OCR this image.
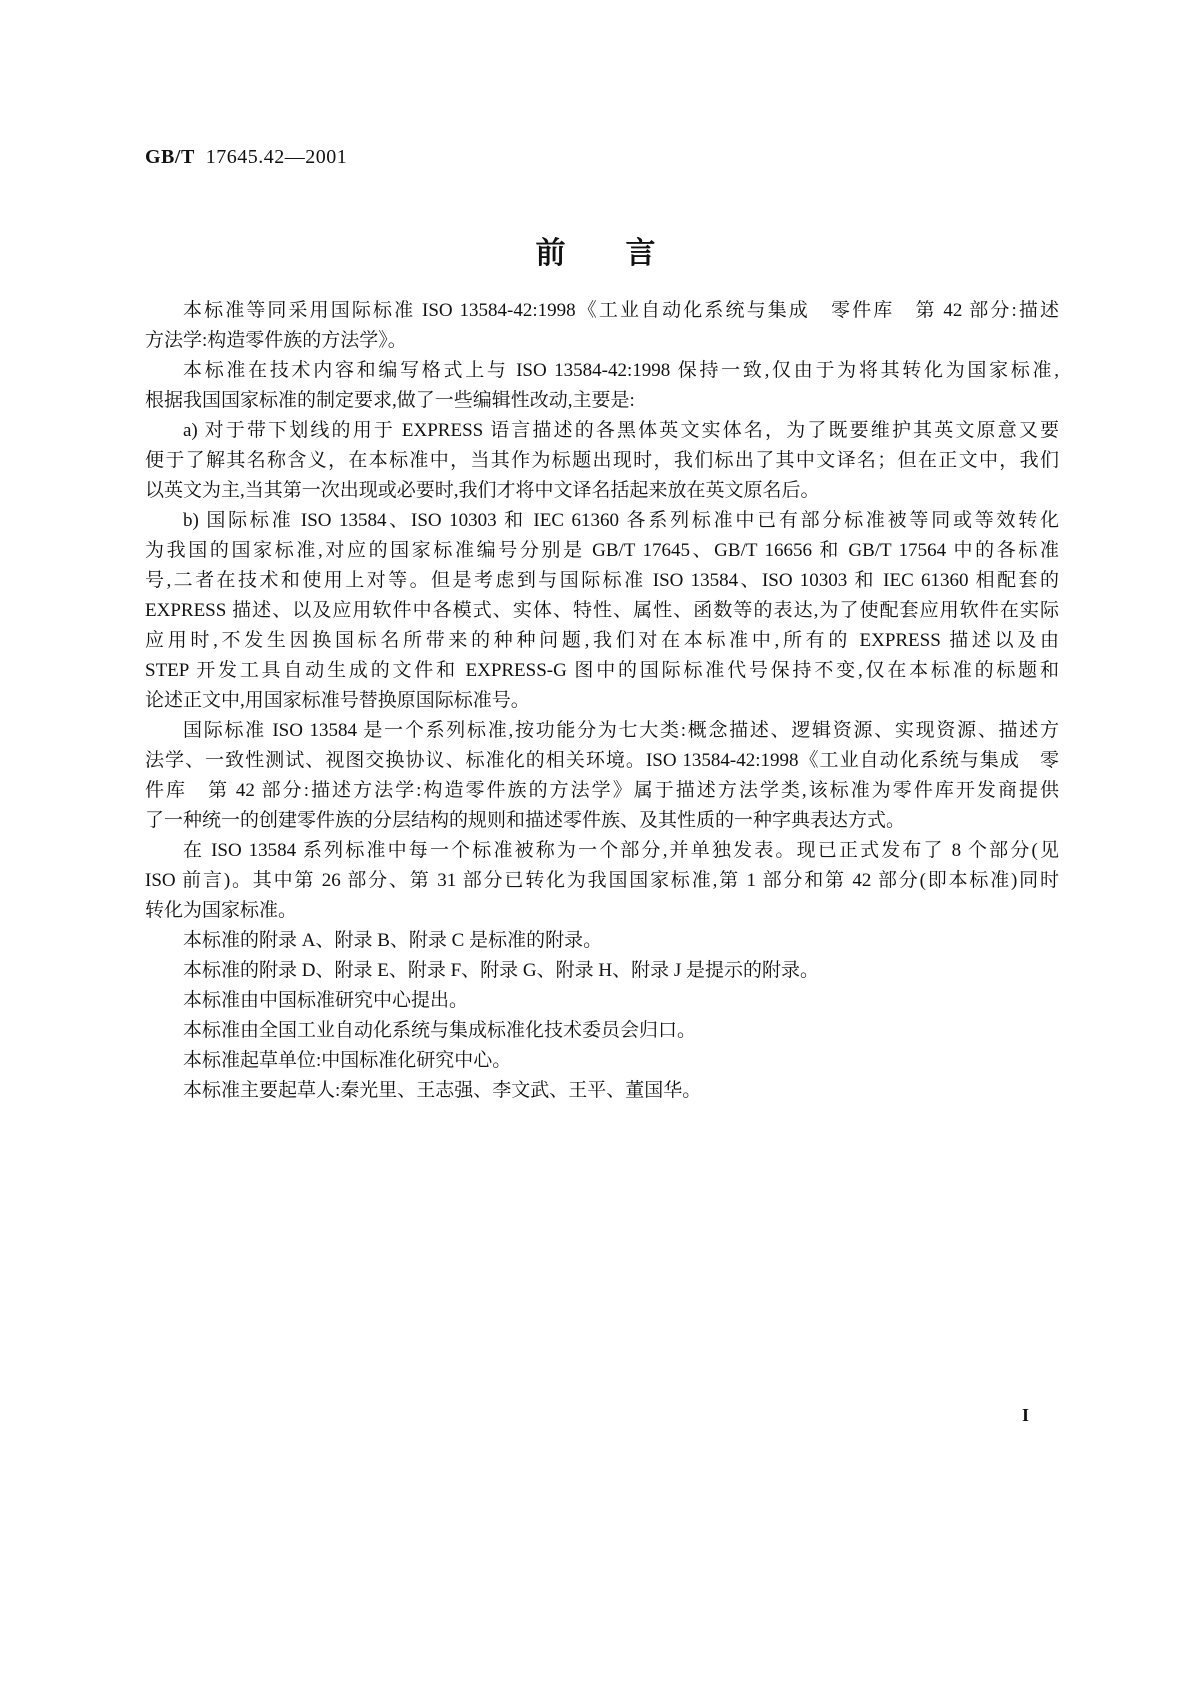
GB/T 17645.42—2001
前言
本标准等同采用国际标准 ISO 13584-42:1998《工业自动化系统与集成　零件库　第 42 部分:描述
方法学:构造零件族的方法学》。
本标准在技术内容和编写格式上与 ISO 13584-42:1998 保持一致,仅由于为将其转化为国家标准,
根据我国国家标准的制定要求,做了一些编辑性改动,主要是:
a) 对于带下划线的用于 EXPRESS 语言描述的各黑体英文实体名，为了既要维护其英文原意又要
便于了解其名称含义，在本标准中，当其作为标题出现时，我们标出了其中文译名；但在正文中，我们
以英文为主,当其第一次出现或必要时,我们才将中文译名括起来放在英文原名后。
b) 国际标准 ISO 13584、ISO 10303 和 IEC 61360 各系列标准中已有部分标准被等同或等效转化
为我国的国家标准,对应的国家标准编号分别是 GB/T 17645、GB/T 16656 和 GB/T 17564 中的各标准
号,二者在技术和使用上对等。但是考虑到与国际标准 ISO 13584、ISO 10303 和 IEC 61360 相配套的
EXPRESS 描述、以及应用软件中各模式、实体、特性、属性、函数等的表达,为了使配套应用软件在实际
应用时,不发生因换国标名所带来的种种问题,我们对在本标准中,所有的 EXPRESS 描述以及由
STEP 开发工具自动生成的文件和 EXPRESS-G 图中的国际标准代号保持不变,仅在本标准的标题和
论述正文中,用国家标准号替换原国际标准号。
国际标准 ISO 13584 是一个系列标准,按功能分为七大类:概念描述、逻辑资源、实现资源、描述方
法学、一致性测试、视图交换协议、标准化的相关环境。ISO 13584-42:1998《工业自动化系统与集成　零
件库　第 42 部分:描述方法学:构造零件族的方法学》属于描述方法学类,该标准为零件库开发商提供
了一种统一的创建零件族的分层结构的规则和描述零件族、及其性质的一种字典表达方式。
在 ISO 13584 系列标准中每一个标准被称为一个部分,并单独发表。现已正式发布了 8 个部分(见
ISO 前言)。其中第 26 部分、第 31 部分已转化为我国国家标准,第 1 部分和第 42 部分(即本标准)同时
转化为国家标准。
本标准的附录 A、附录 B、附录 C 是标准的附录。
本标准的附录 D、附录 E、附录 F、附录 G、附录 H、附录 J 是提示的附录。
本标准由中国标准研究中心提出。
本标准由全国工业自动化系统与集成标准化技术委员会归口。
本标准起草单位:中国标准化研究中心。
本标准主要起草人:秦光里、王志强、李文武、王平、董国华。
I
